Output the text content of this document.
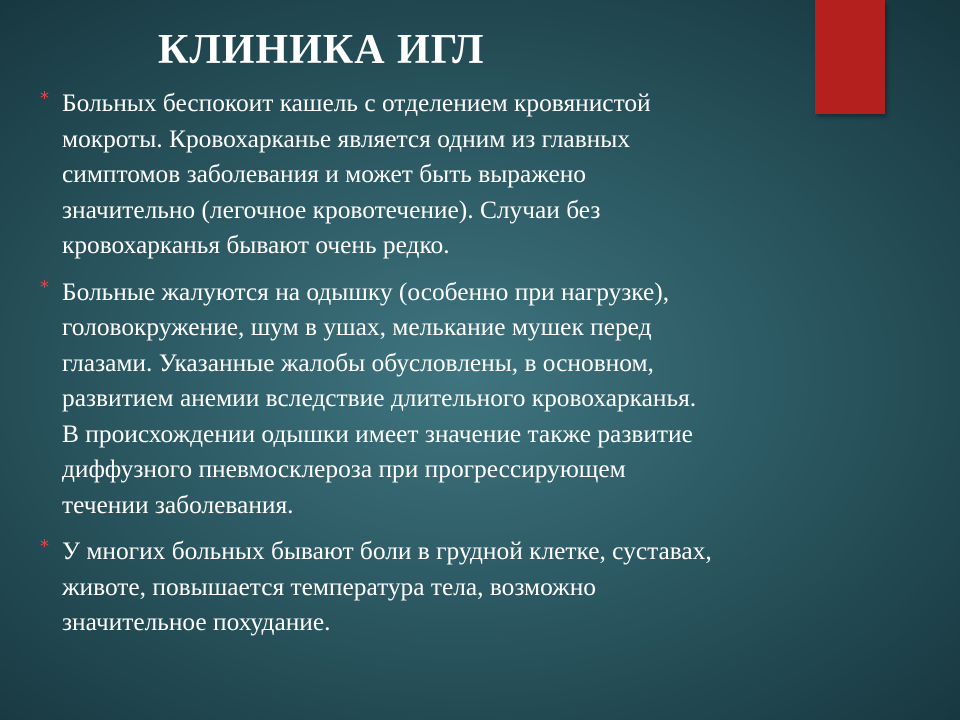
КЛИНИКА ИГЛ
* Больных беспокоит кашель с отделением кровянистой
мокроты. Кровохарканье является одним из главных
симптомов заболевания и может быть выражено
значительно (легочное кровотечение). Случаи без
кровохарканья бывают очень редко.
* Больные жалуются на одышку (особенно при нагрузке),
головокружение, шум в ушах, мелькание мушек перед
глазами. Указанные жалобы обусловлены, в основном,
развитием анемии вследствие длительного кровохарканья.
В происхождении одышки имеет значение также развитие
диффузного пневмосклероза при прогрессирующем
течении заболевания.
* У многих больных бывают боли в грудной клетке, суставах,
животе, повышается температура тела, возможно
значительное похудание.
